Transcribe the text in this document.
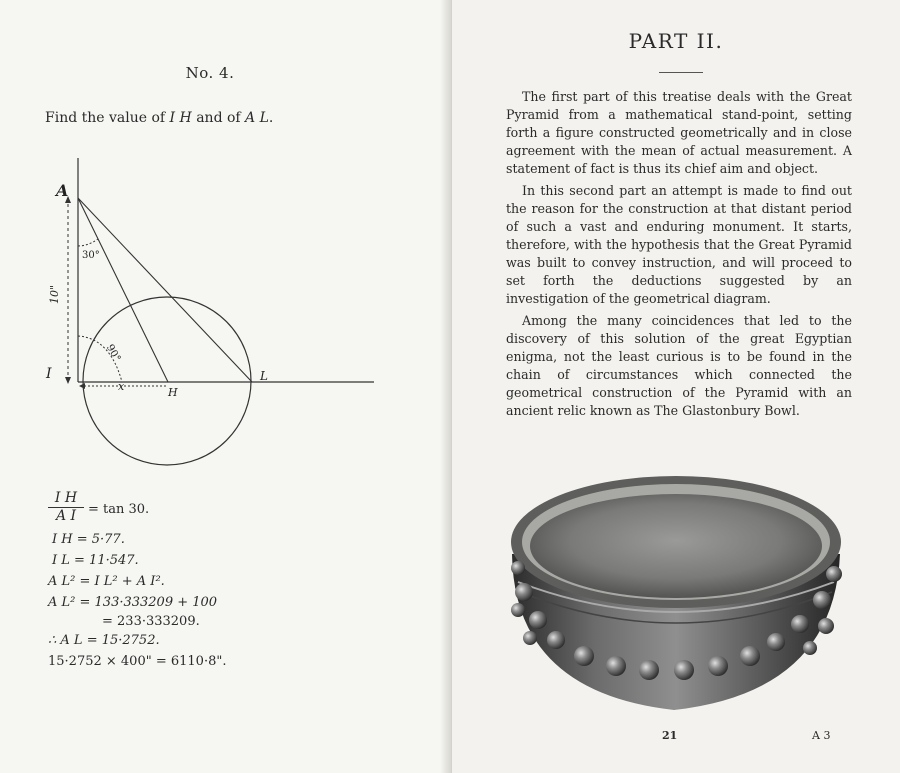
No. 4.
Find the value of I H and of A L.
A
I
H
L
30°
90°
10"
x
$\frac{\text{I H}}{\text{A I}} = \tan 30$.
I H = 5·77.
I L = 11·547.
A L² = I L² + A I².
A L² = 133·333209 + 100
= 233·333209.
∴ A L = 15·2752.
15·2752 × 400" = 6110·8".
PART II.

The first part of this treatise deals with the Great Pyramid from a mathematical stand-point, setting forth a figure constructed geometrically and in close agreement with the mean of actual measurement. A statement of fact is thus its chief aim and object.

In this second part an attempt is made to find out the reason for the construction at that distant period of such a vast and enduring monument. It starts, therefore, with the hypothesis that the Great Pyramid was built to convey instruction, and will proceed to set forth the deductions suggested by an investigation of the geometrical diagram.

Among the many coincidences that led to the discovery of this solution of the great Egyptian enigma, not the least curious is to be found in the chain of circumstances which connected the geometrical construction of the Pyramid with an ancient relic known as The Glastonbury Bowl.

21	A 3
